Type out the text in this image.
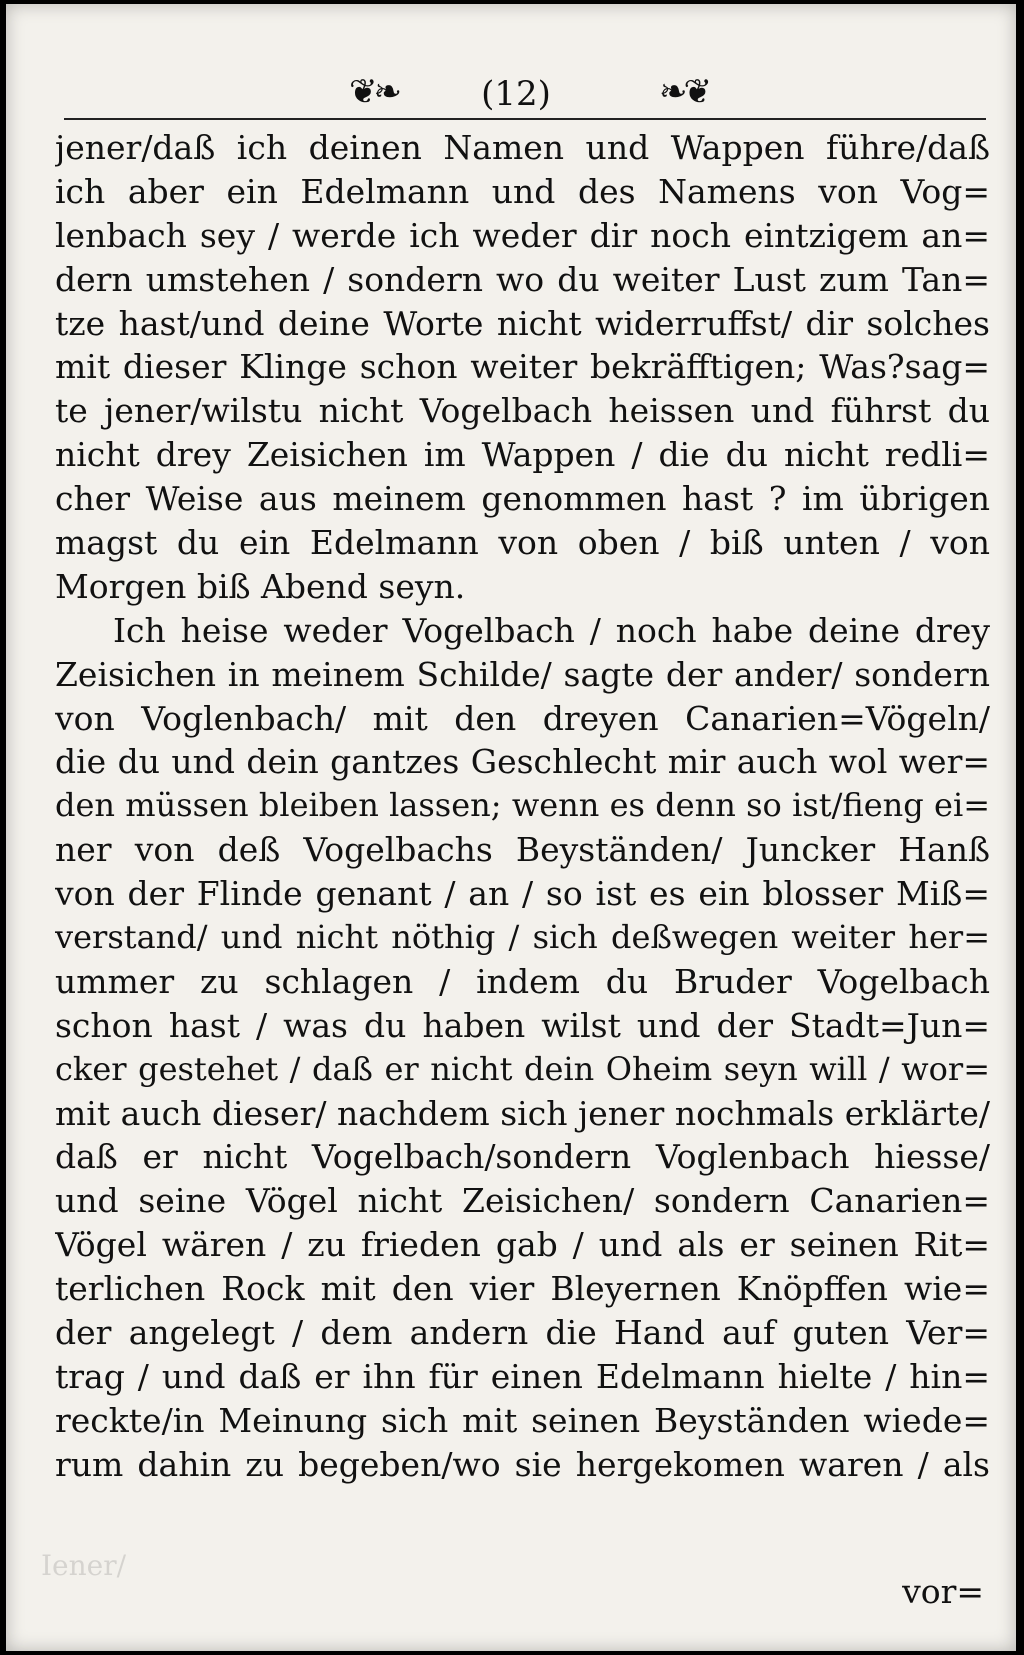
❦❧	(12)	❧❦
Iener/
jener/daß ich deinen Namen und Wappen führe/daß
ich aber ein Edelmann und des Namens von Vog=
lenbach sey / werde ich weder dir noch eintzigem an=
dern umstehen / sondern wo du weiter Lust zum Tan=
tze hast/und deine Worte nicht widerruffst/ dir solches
mit dieser Klinge schon weiter bekräfftigen; Was?sag=
te jener/wilstu nicht Vogelbach heissen und führst du
nicht drey Zeisichen im Wappen / die du nicht redli=
cher Weise aus meinem genommen hast ? im übrigen
magst du ein Edelmann von oben / biß unten / von
Morgen biß Abend seyn.
Ich heise weder Vogelbach / noch habe deine drey
Zeisichen in meinem Schilde/ sagte der ander/ sondern
von Voglenbach/ mit den dreyen Canarien=Vögeln/
die du und dein gantzes Geschlecht mir auch wol wer=
den müssen bleiben lassen; wenn es denn so ist/fieng ei=
ner von deß Vogelbachs Beyständen/ Juncker Hanß
von der Flinde genant / an / so ist es ein blosser Miß=
verstand/ und nicht nöthig / sich deßwegen weiter her=
ummer zu schlagen / indem du Bruder Vogelbach
schon hast / was du haben wilst und der Stadt=Jun=
cker gestehet / daß er nicht dein Oheim seyn will / wor=
mit auch dieser/ nachdem sich jener nochmals erklärte/
daß er nicht Vogelbach/sondern Voglenbach hiesse/
und seine Vögel nicht Zeisichen/ sondern Canarien=
Vögel wären / zu frieden gab / und als er seinen Rit=
terlichen Rock mit den vier Bleyernen Knöpffen wie=
der angelegt / dem andern die Hand auf guten Ver=
trag / und daß er ihn für einen Edelmann hielte / hin=
reckte/in Meinung sich mit seinen Beyständen wiede=
rum dahin zu begeben/wo sie hergekomen waren / als
vor=
